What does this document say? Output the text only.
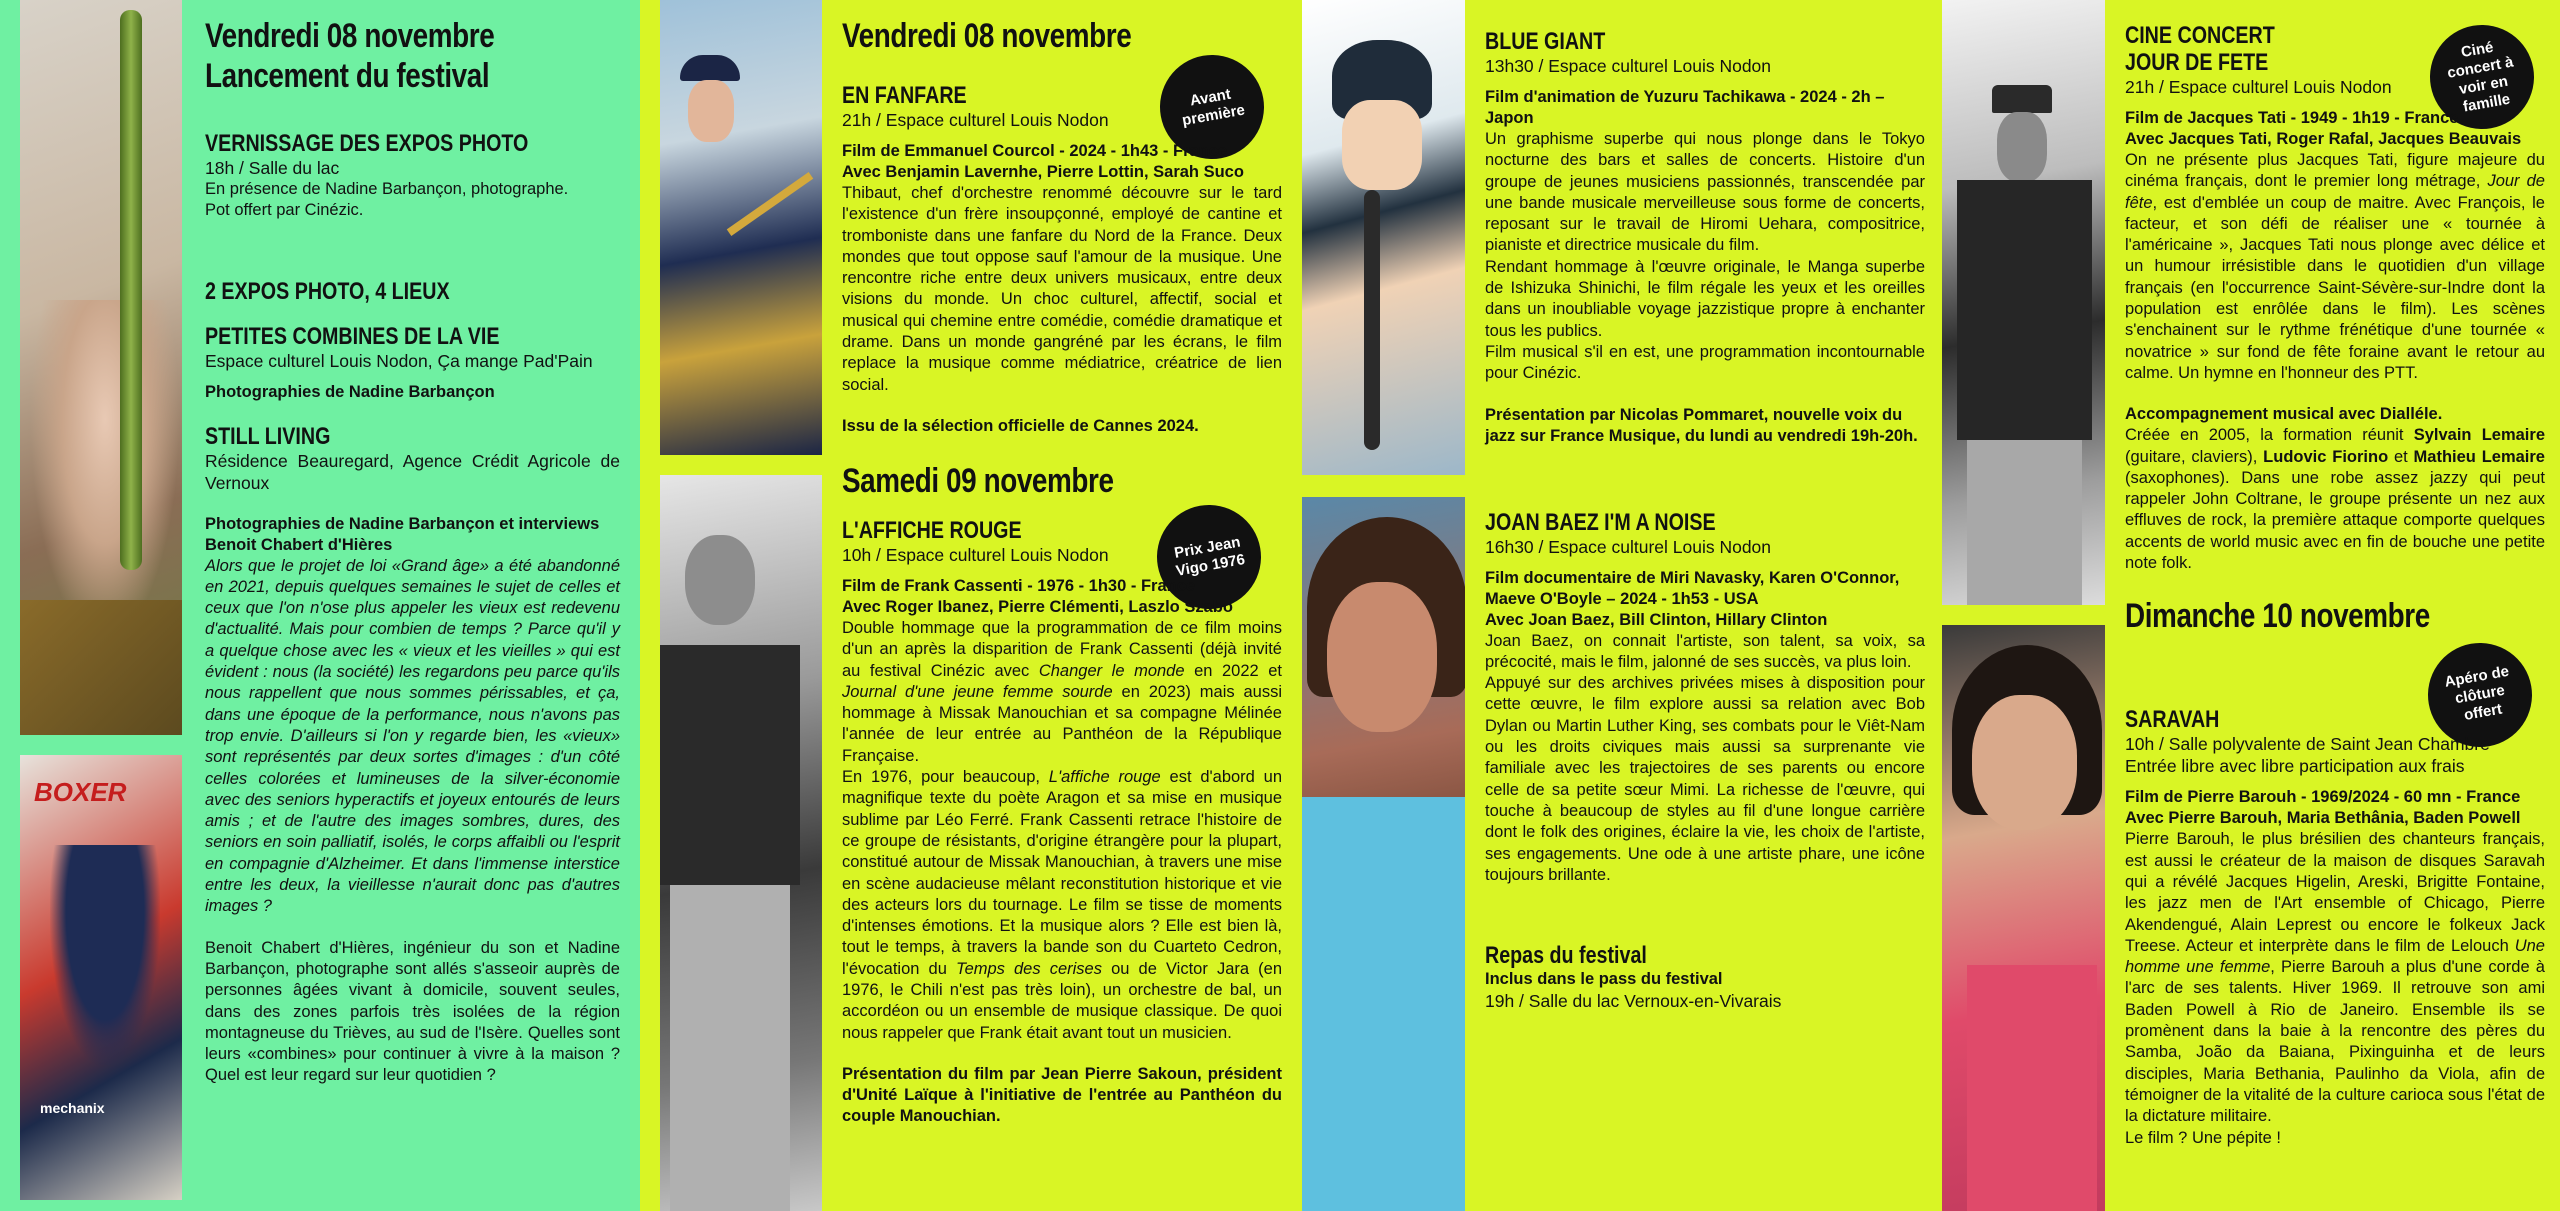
BOXER
mechanix
Vendredi 08 novembre
Lancement du festival
VERNISSAGE DES EXPOS PHOTO
18h / Salle du lac
En présence de Nadine Barbançon, photographe.
Pot offert par Cinézic.
2 EXPOS PHOTO, 4 LIEUX
PETITES COMBINES DE LA VIE
Espace culturel Louis Nodon, Ça mange Pad'Pain
Photographies de Nadine Barbançon
STILL LIVING
Résidence Beauregard, Agence Crédit Agricole de Vernoux
Photographies de Nadine Barbançon et interviews Benoit Chabert d'Hières
Alors que le projet de loi «Grand âge» a été abandonné en 2021, depuis quelques semaines le sujet de celles et ceux que l'on n'ose plus appeler les vieux est redevenu d'actualité. Mais pour combien de temps ? Parce qu'il y a quelque chose avec les « vieux et les vieilles » qui est évident : nous (la société) les regardons peu parce qu'ils nous rappellent que nous sommes périssables, et ça, dans une époque de la performance, nous n'avons pas trop envie. D'ailleurs si l'on y regarde bien, les «vieux» sont représentés par deux sortes d'images : d'un côté celles colorées et lumineuses de la silver-économie avec des seniors hyperactifs et joyeux entourés de leurs amis ; et de l'autre des images sombres, dures, des seniors en soin palliatif, isolés, le corps affaibli ou l'esprit en compagnie d'Alzheimer. Et dans l'immense interstice entre les deux, la vieillesse n'aurait donc pas d'autres images ?
Benoit Chabert d'Hières, ingénieur du son et Nadine Barbançon, photographe sont allés s'asseoir auprès de personnes âgées vivant à domicile, souvent seules, dans des zones parfois très isolées de la région montagneuse du Trièves, au sud de l'Isère. Quelles sont leurs «combines» pour continuer à vivre à la maison ? Quel est leur regard sur leur quotidien ?
Avant première
Prix Jean Vigo 1976
Vendredi 08 novembre
EN FANFARE
21h / Espace culturel Louis Nodon
Film de Emmanuel Courcol - 2024 - 1h43 - France
Avec Benjamin Lavernhe, Pierre Lottin, Sarah Suco
Thibaut, chef d'orchestre renommé découvre sur le tard l'existence d'un frère insoupçonné, employé de cantine et tromboniste dans une fanfare du Nord de la France. Deux mondes que tout oppose sauf l'amour de la musique. Une rencontre riche entre deux univers musicaux, entre deux visions du monde. Un choc culturel, affectif, social et musical qui chemine entre comédie, comédie dramatique et drame. Dans un monde gangréné par les écrans, le film replace la musique comme médiatrice, créatrice de lien social.
Issu de la sélection officielle de Cannes 2024.
Samedi 09 novembre
L'AFFICHE ROUGE
10h / Espace culturel Louis Nodon
Film de Frank Cassenti - 1976 - 1h30 - France
Avec Roger Ibanez, Pierre Clémenti, Laszlo Szabo
Double hommage que la programmation de ce film moins d'un an après la disparition de Frank Cassenti (déjà invité au festival Cinézic avec Changer le monde en 2022 et Journal d'une jeune femme sourde en 2023) mais aussi hommage à Missak Manouchian et sa compagne Mélinée l'année de leur entrée au Panthéon de la République Française.
En 1976, pour beaucoup, L'affiche rouge est d'abord un magnifique texte du poète Aragon et sa mise en musique sublime par Léo Ferré. Frank Cassenti retrace l'histoire de ce groupe de résistants, d'origine étrangère pour la plupart, constitué autour de Missak Manouchian, à travers une mise en scène audacieuse mêlant reconstitution historique et vie des acteurs lors du tournage. Le film se tisse de moments d'intenses émotions. Et la musique alors ? Elle est bien là, tout le temps, à travers la bande son du Cuarteto Cedron, l'évocation du Temps des cerises ou de Victor Jara (en 1976, le Chili n'est pas très loin), un orchestre de bal, un accordéon ou un ensemble de musique classique. De quoi nous rappeler que Frank était avant tout un musicien.
Présentation du film par Jean Pierre Sakoun, président d'Unité Laïque à l'initiative de l'entrée au Panthéon du couple Manouchian.
BLUE GIANT
13h30 / Espace culturel Louis Nodon
Film d'animation de Yuzuru Tachikawa - 2024 - 2h – Japon
Un graphisme superbe qui nous plonge dans le Tokyo nocturne des bars et salles de concerts. Histoire d'un groupe de jeunes musiciens passionnés, transcendée par une bande musicale merveilleuse sous forme de concerts, reposant sur le travail de Hiromi Uehara, compositrice, pianiste et directrice musicale du film.
Rendant hommage à l'œuvre originale, le Manga superbe de Ishizuka Shinichi, le film régale les yeux et les oreilles dans un inoubliable voyage jazzistique propre à enchanter tous les publics.
Film musical s'il en est, une programmation incontournable pour Cinézic.
Présentation par Nicolas Pommaret, nouvelle voix du jazz sur France Musique, du lundi au vendredi 19h-20h.
JOAN BAEZ I'M A NOISE
16h30 / Espace culturel Louis Nodon
Film documentaire de Miri Navasky, Karen O'Connor, Maeve O'Boyle – 2024 - 1h53 - USA
Avec Joan Baez, Bill Clinton, Hillary Clinton
Joan Baez, on connait l'artiste, son talent, sa voix, sa précocité, mais le film, jalonné de ses succès, va plus loin.
Appuyé sur des archives privées mises à disposition pour cette œuvre, le film explore aussi sa relation avec Bob Dylan ou Martin Luther King, ses combats pour le Viêt-Nam ou les droits civiques mais aussi sa surprenante vie familiale avec les trajectoires de ses parents ou encore celle de sa petite sœur Mimi. La richesse de l'œuvre, qui touche à beaucoup de styles au fil d'une longue carrière dont le folk des origines, éclaire la vie, les choix de l'artiste, ses engagements. Une ode à une artiste phare, une icône toujours brillante.
Repas du festival
Inclus dans le pass du festival
19h / Salle du lac Vernoux-en-Vivarais
Ciné concert à voir en famille
Apéro de clôture offert
CINE CONCERT
JOUR DE FETE
21h / Espace culturel Louis Nodon
Film de Jacques Tati - 1949 - 1h19 - France
Avec Jacques Tati, Roger Rafal, Jacques Beauvais
On ne présente plus Jacques Tati, figure majeure du cinéma français, dont le premier long métrage, Jour de fête, est d'emblée un coup de maitre. Avec François, le facteur, et son défi de réaliser une « tournée à l'américaine », Jacques Tati nous plonge avec délice et un humour irrésistible dans le quotidien d'un village français (en l'occurrence Saint-Sévère-sur-Indre dont la population est enrôlée dans le film). Les scènes s'enchainent sur le rythme frénétique d'une tournée « novatrice » sur fond de fête foraine avant le retour au calme. Un hymne en l'honneur des PTT.
Accompagnement musical avec Dialléle.
Créée en 2005, la formation réunit Sylvain Lemaire (guitare, claviers), Ludovic Fiorino et Mathieu Lemaire (saxophones). Dans une robe assez jazzy qui peut rappeler John Coltrane, le groupe présente un nez aux effluves de rock, la première attaque comporte quelques accents de world music avec en fin de bouche une petite note folk.
Dimanche 10 novembre
SARAVAH
10h / Salle polyvalente de Saint Jean Chambre
Entrée libre avec libre participation aux frais
Film de Pierre Barouh - 1969/2024 - 60 mn - France
Avec Pierre Barouh, Maria Bethânia, Baden Powell
Pierre Barouh, le plus brésilien des chanteurs français, est aussi le créateur de la maison de disques Saravah qui a révélé Jacques Higelin, Areski, Brigitte Fontaine, les jazz men de l'Art ensemble of Chicago, Pierre Akendengué, Alain Leprest ou encore le folkeux Jack Treese. Acteur et interprète dans le film de Lelouch Une homme une femme, Pierre Barouh a plus d'une corde à l'arc de ses talents. Hiver 1969. Il retrouve son ami Baden Powell à Rio de Janeiro. Ensemble ils se promènent dans la baie à la rencontre des pères du Samba, João da Baiana, Pixinguinha et de leurs disciples, Maria Bethania, Paulinho da Viola, afin de témoigner de la vitalité de la culture carioca sous l'état de la dictature militaire.
Le film ? Une pépite !
